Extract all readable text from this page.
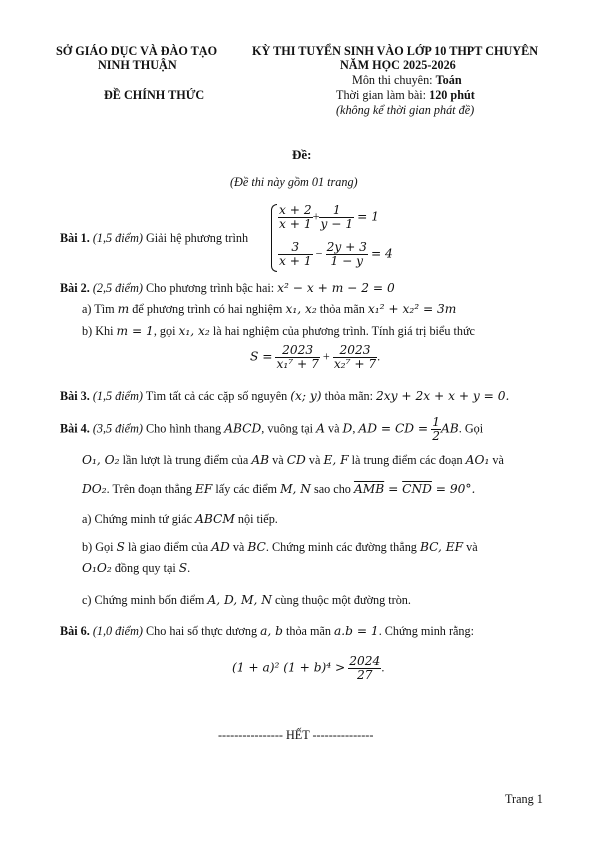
SỞ GIÁO DỤC VÀ ĐÀO TẠO
NINH THUẬN
ĐỀ CHÍNH THỨC
KỲ THI TUYỂN SINH VÀO LỚP 10 THPT CHUYÊN
NĂM HỌC 2025-2026
Môn thi chuyên: Toán
Thời gian làm bài: 120 phút
(không kể thời gian phát đề)
Đề:
(Đề thi này gồm 01 trang)
Bài 1. (1,5 điểm) Giải hệ phương trình
$\frac{x + 2}{x + 1} + \frac{1}{y - 1} = 1$
$\frac{3}{x + 1} - \frac{2y + 3}{1 - y} = 4$
Bài 2. (2,5 điểm) Cho phương trình bậc hai: x² − x + m − 2 = 0
a) Tìm m để phương trình có hai nghiệm x₁, x₂ thỏa mãn x₁² + x₂² = 3m
b) Khi m = 1, gọi x₁, x₂ là hai nghiệm của phương trình. Tính giá trị biểu thức
$S = \frac{2023}{\text{x₁⁷ + 7}} + \frac{2023}{\text{x₂⁷ + 7}}$ .
Bài 3. (1,5 điểm) Tìm tất cả các cặp số nguyên (x; y) thỏa mãn: 2xy + 2x + x + y = 0.
Bài 4. (3,5 điểm) Cho hình thang ABCD, vuông tại A và D, AD = CD = $\frac{1}{2}$ AB. Gọi
O₁, O₂ lần lượt là trung điểm của AB và CD và E, F là trung điểm các đoạn AO₁ và
DO₂. Trên đoạn thẳng EF lấy các điểm M, N sao cho $\overline{AMB} = \overline{CND} = 90^\circ$.
a) Chứng minh tứ giác ABCM nội tiếp.
b) Gọi S là giao điểm của AD và BC. Chứng minh các đường thẳng BC, EF và
O₁O₂ đồng quy tại S.
c) Chứng minh bốn điểm A, D, M, N cùng thuộc một đường tròn.
Bài 6. (1,0 điểm) Cho hai số thực dương a, b thỏa mãn a.b = 1. Chứng minh rằng:
(1 + a)² $(1 + b)^4 > \frac{2024}{27}$ .
---------------- HẾT ---------------
Trang 1
